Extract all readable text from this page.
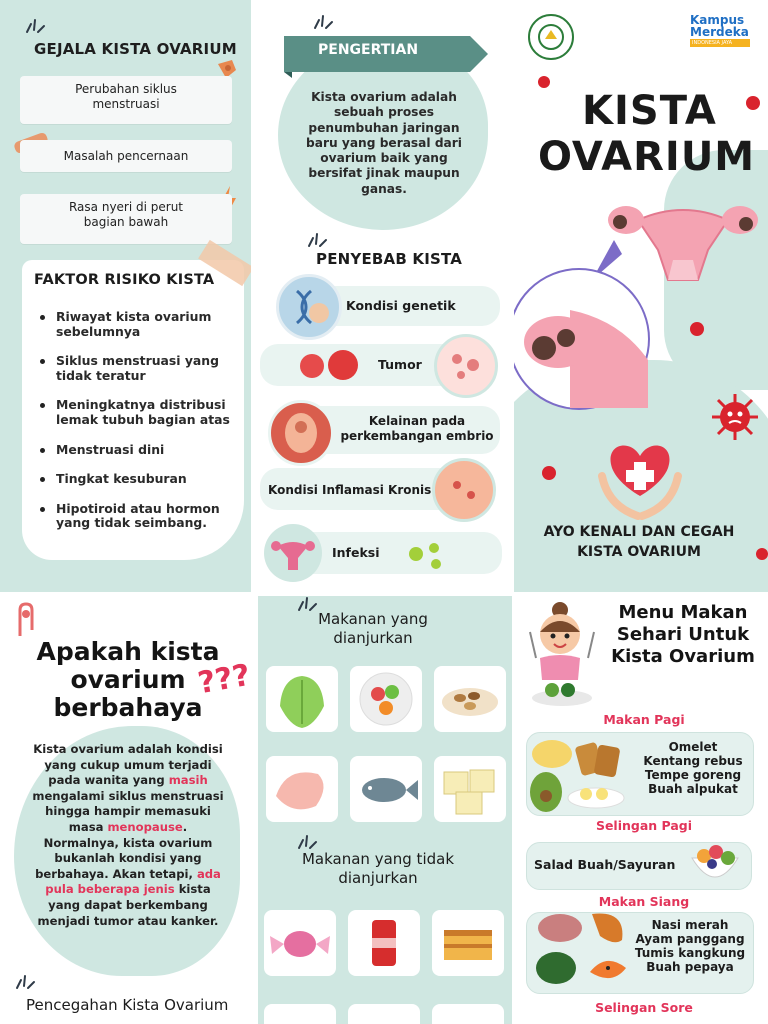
GEJALA KISTA OVARIUM
Perubahan siklus menstruasi
Masalah pencernaan
Rasa nyeri di perut bagian bawah
FAKTOR RISIKO KISTA
Riwayat kista ovarium sebelumnya
Siklus menstruasi yang tidak teratur
Meningkatnya distribusi lemak tubuh bagian atas
Menstruasi dini
Tingkat kesuburan
Hipotiroid atau hormon yang tidak seimbang.
PENGERTIAN
Kista ovarium adalah sebuah proses penumbuhan jaringan baru yang berasal dari ovarium baik yang bersifat jinak maupun ganas.
PENYEBAB KISTA
Kondisi genetik
Tumor
Kelainan pada perkembangan embrio
Kondisi Inflamasi Kronis
Infeksi
Kampus Merdeka
INDONESIA JAYA
KISTA
OVARIUM
AYO KENALI DAN CEGAH
KISTA OVARIUM
Apakah kista ovarium berbahaya
???
Kista ovarium adalah kondisi yang cukup umum terjadi pada wanita yang masih mengalami siklus menstruasi hingga hampir memasuki masa menopause. Normalnya, kista ovarium bukanlah kondisi yang berbahaya. Akan tetapi, ada pula beberapa jenis kista yang dapat berkembang menjadi tumor atau kanker.
Pencegahan Kista Ovarium
Makanan yang dianjurkan
Makanan yang tidak dianjurkan
Menu Makan Sehari Untuk Kista Ovarium
Makan Pagi
Omelet
Kentang rebus
Tempe goreng
Buah alpukat
Selingan Pagi
Salad Buah/Sayuran
Makan Siang
Nasi merah
Ayam panggang
Tumis kangkung
Buah pepaya
Selingan Sore
